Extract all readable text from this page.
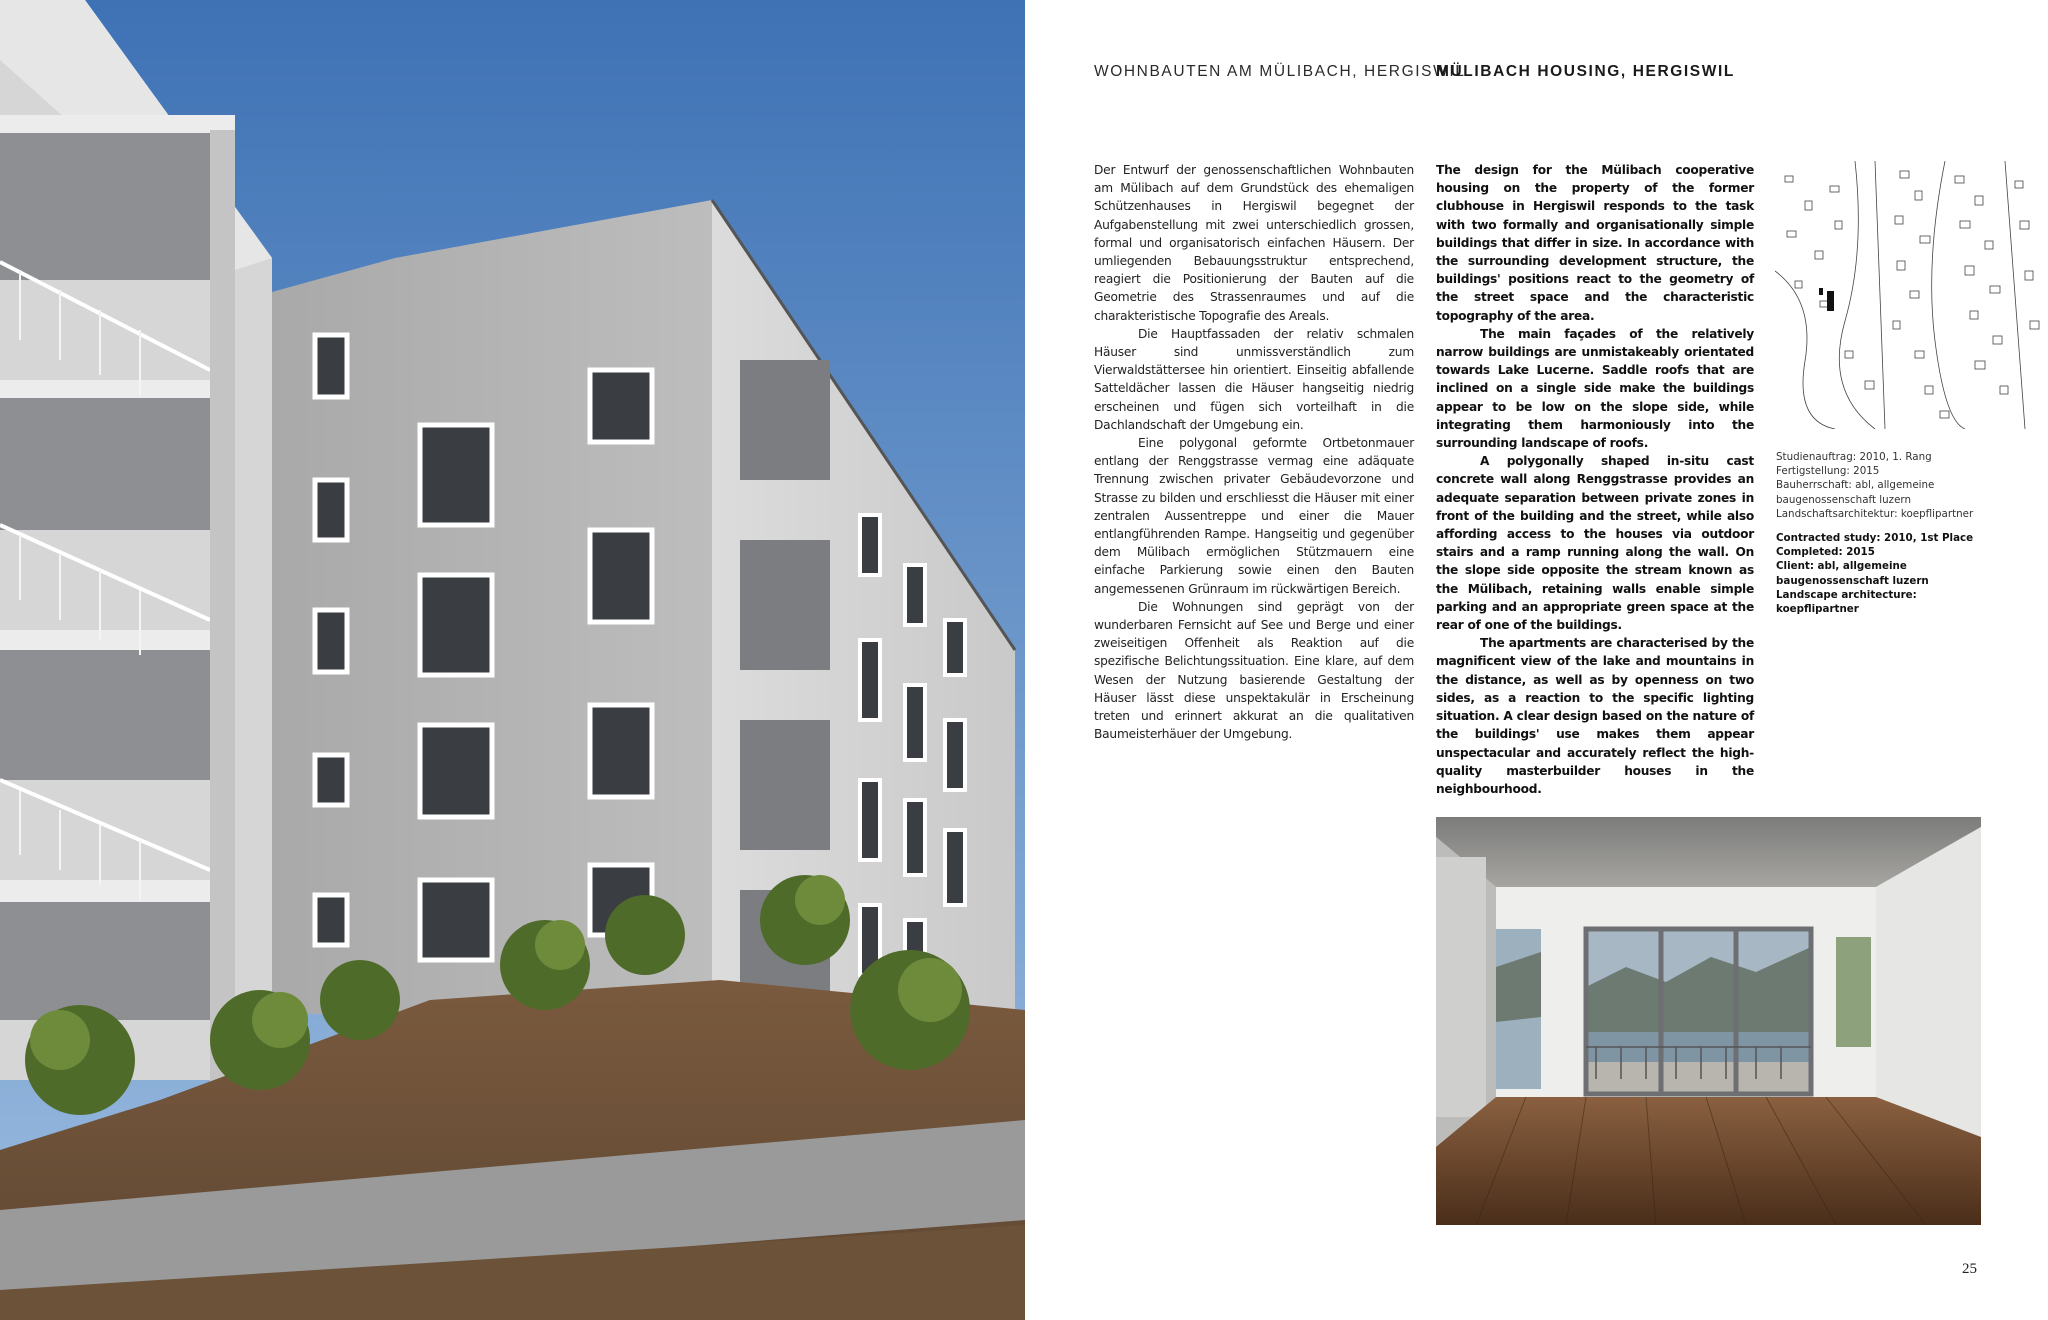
WOHNBAUTEN AM MÜLIBACH, HERGISWIL
MÜLIBACH HOUSING, HERGISWIL

Der Entwurf der genossenschaftlichen Wohnbauten am Mülibach auf dem Grundstück des ehemaligen Schützenhauses in Hergiswil begegnet der Aufgabenstellung mit zwei unterschiedlich grossen, formal und organisatorisch einfachen Häusern. Der umliegenden Bebauungsstruktur entsprechend, reagiert die Positionierung der Bauten auf die Geometrie des Strassenraumes und auf die charakteristische Topografie des Areals.

Die Hauptfassaden der relativ schmalen Häuser sind unmissverständlich zum Vierwaldstättersee hin orientiert. Einseitig abfallende Satteldächer lassen die Häuser hangseitig niedrig erscheinen und fügen sich vorteilhaft in die Dachlandschaft der Umgebung ein.

Eine polygonal geformte Ortbetonmauer entlang der Renggstrasse vermag eine adäquate Trennung zwischen privater Gebäudevorzone und Strasse zu bilden und erschliesst die Häuser mit einer zentralen Aussentreppe und einer die Mauer entlangführenden Rampe. Hangseitig und gegenüber dem Mülibach ermöglichen Stützmauern eine einfache Parkierung sowie einen den Bauten angemessenen Grünraum im rückwärtigen Bereich.

Die Wohnungen sind geprägt von der wunderbaren Fernsicht auf See und Berge und einer zweiseitigen Offenheit als Reaktion auf die spezifische Belichtungssituation. Eine klare, auf dem Wesen der Nutzung basierende Gestaltung der Häuser lässt diese unspektakulär in Erscheinung treten und erinnert akkurat an die qualitativen Baumeisterhäuer der Umgebung.

The design for the Mülibach cooperative housing on the property of the former clubhouse in Hergiswil responds to the task with two formally and organisationally simple buildings that differ in size. In accordance with the surrounding development structure, the buildings' positions react to the geometry of the street space and the characteristic topography of the area.

The main façades of the relatively narrow buildings are unmistakeably orientated towards Lake Lucerne. Saddle roofs that are inclined on a single side make the buildings appear to be low on the slope side, while integrating them harmoniously into the surrounding landscape of roofs.

A polygonally shaped in-situ cast concrete wall along Renggstrasse provides an adequate separation between private zones in front of the building and the street, while also affording access to the houses via outdoor stairs and a ramp running along the wall. On the slope side opposite the stream known as the Mülibach, retaining walls enable simple parking and an appropriate green space at the rear of one of the buildings.

The apartments are characterised by the magnificent view of the lake and mountains in the distance, as well as by openness on two sides, as a reaction to the specific lighting situation. A clear design based on the nature of the buildings' use makes them appear unspectacular and accurately reflect the high-quality masterbuilder houses in the neighbourhood.

Studienauftrag: 2010, 1. Rang
Fertigstellung: 2015
Bauherrschaft: abl, allgemeine
baugenossenschaft luzern
Landschaftsarchitektur: koepflipartner
Contracted study: 2010, 1st Place
Completed: 2015
Client: abl, allgemeine
baugenossenschaft luzern
Landscape architecture:
koepflipartner
25
